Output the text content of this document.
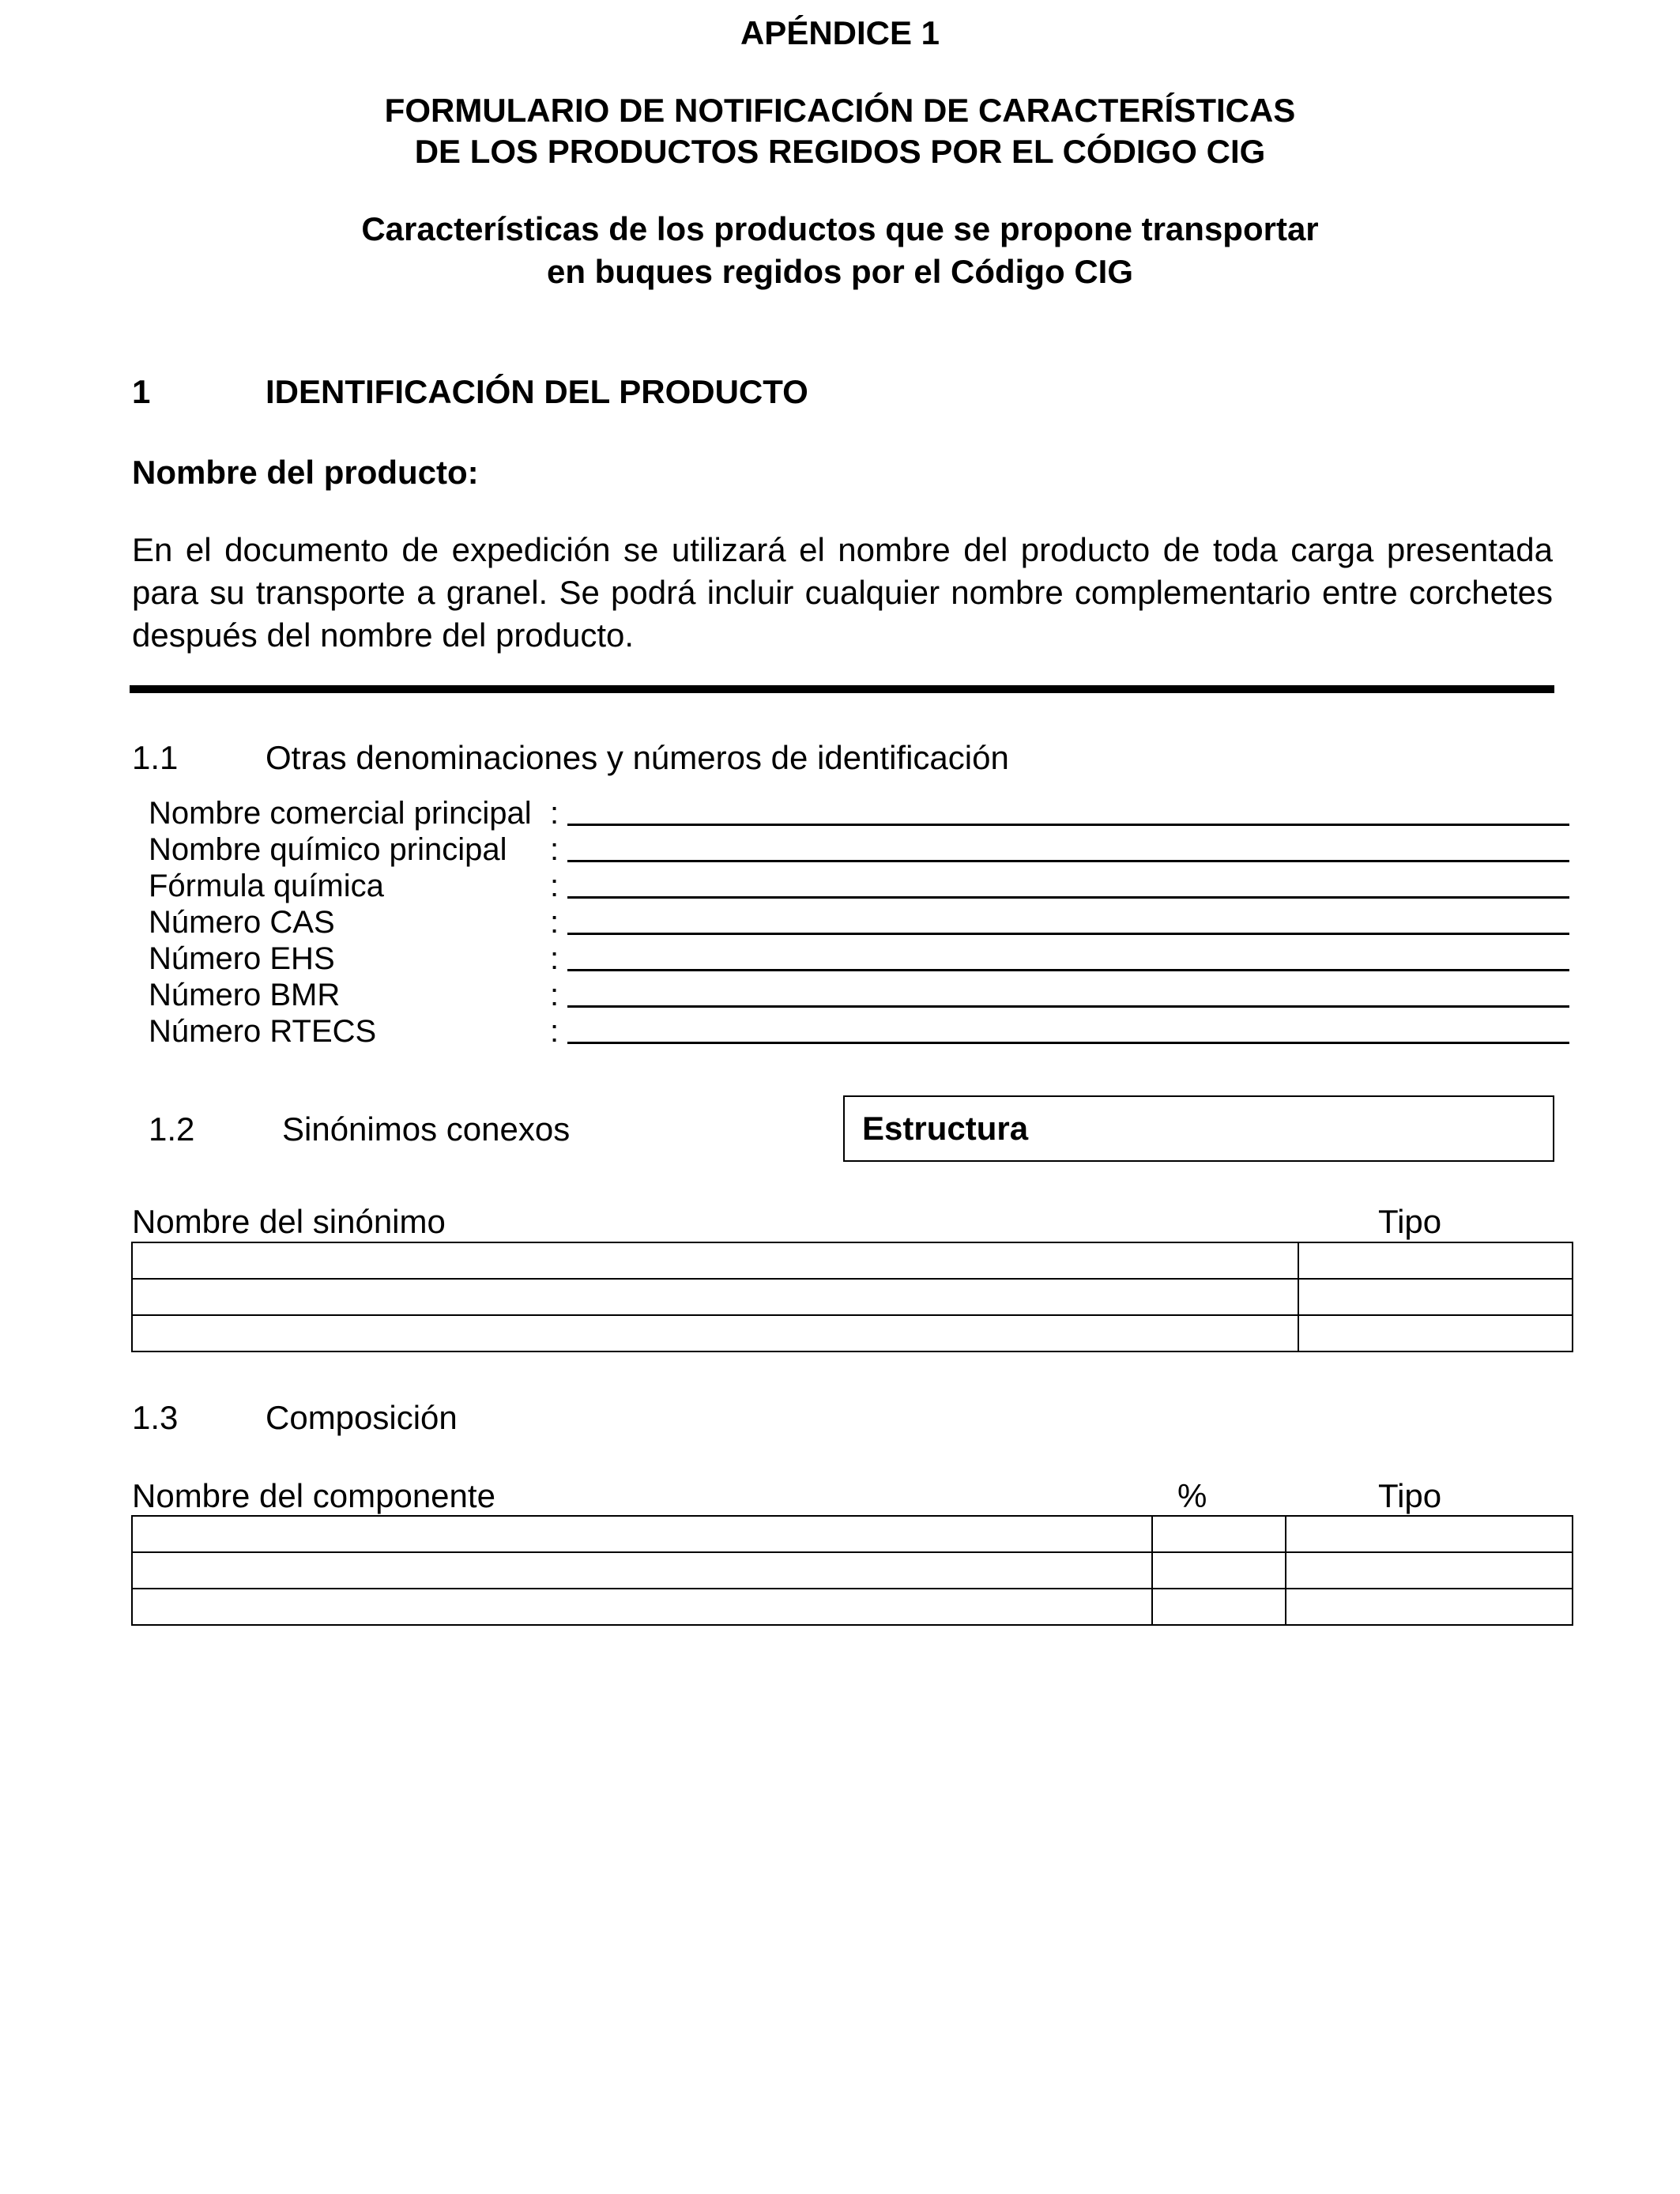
APÉNDICE 1
FORMULARIO DE NOTIFICACIÓN DE CARACTERÍSTICAS
DE LOS PRODUCTOS REGIDOS POR EL CÓDIGO CIG
Características de los productos que se propone transportar
en buques regidos por el Código CIG
1	IDENTIFICACIÓN DEL PRODUCTO
Nombre del producto:
En el documento de expedición se utilizará el nombre del producto de toda carga presentada para su transporte a granel. Se podrá incluir cualquier nombre complementario entre corchetes después del nombre del producto.
1.1	Otras denominaciones y números de identificación
Nombre comercial principal :
Nombre químico principal :
Fórmula química	:
Número CAS	:
Número EHS	:
Número BMR	:
Número RTECS	:
1.2	Sinónimos conexos	Estructura
Nombre del sinónimo	Tipo

1.3	Composición
Nombre del componente	%	Tipo
